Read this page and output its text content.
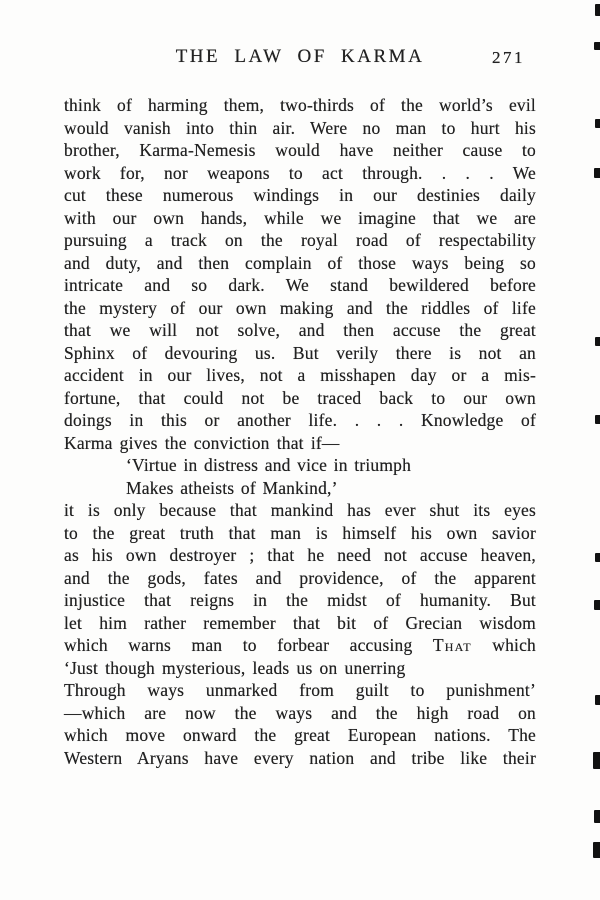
THE LAW OF KARMA	271
think of harming them, two-thirds of the world’s evil
would vanish into thin air. Were no man to hurt his
brother, Karma-Nemesis would have neither cause to
work for, nor weapons to act through. . . . We
cut these numerous windings in our destinies daily
with our own hands, while we imagine that we are
pursuing a track on the royal road of respectability
and duty, and then complain of those ways being so
intricate and so dark. We stand bewildered before
the mystery of our own making and the riddles of life
that we will not solve, and then accuse the great
Sphinx of devouring us. But verily there is not an
accident in our lives, not a misshapen day or a mis-
fortune, that could not be traced back to our own
doings in this or another life. . . . Knowledge of
Karma gives the conviction that if—
‘Virtue in distress and vice in triumph
Makes atheists of Mankind,’
it is only because that mankind has ever shut its eyes
to the great truth that man is himself his own savior
as his own destroyer ; that he need not accuse heaven,
and the gods, fates and providence, of the apparent
injustice that reigns in the midst of humanity. But
let him rather remember that bit of Grecian wisdom
which warns man to forbear accusing That which
‘Just though mysterious, leads us on unerring
Through ways unmarked from guilt to punishment’
—which are now the ways and the high road on
which move onward the great European nations. The
Western Aryans have every nation and tribe like their
